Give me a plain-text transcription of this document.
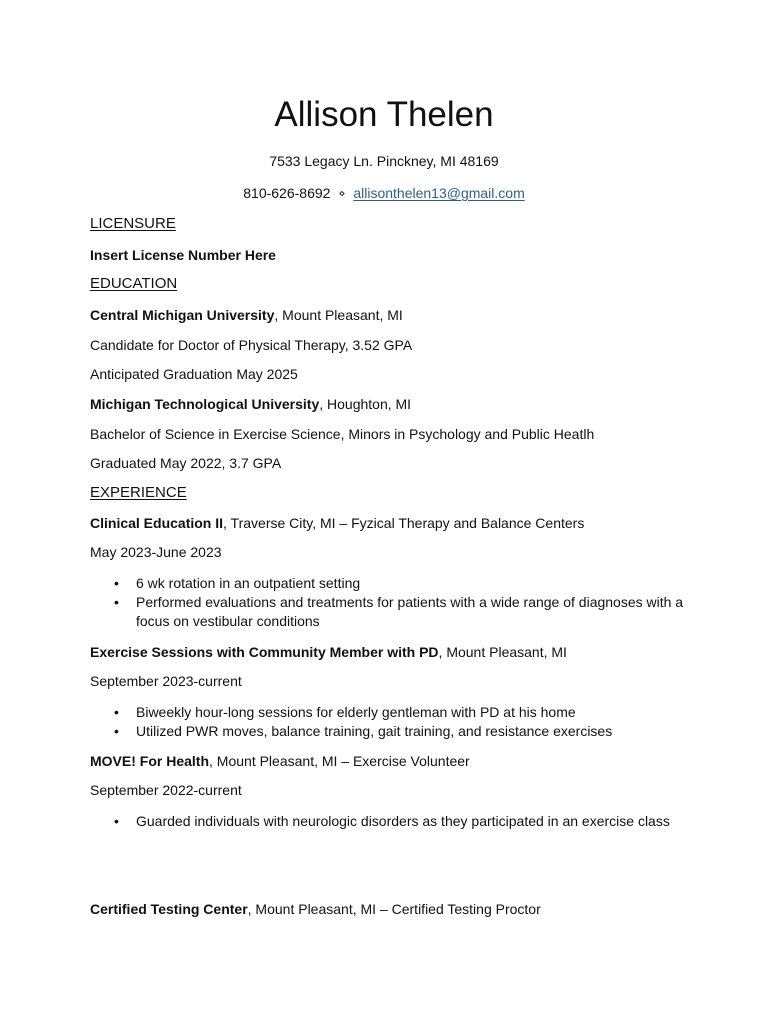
Allison Thelen
7533 Legacy Ln. Pinckney, MI 48169
810-626-8692 ⋄ allisonthelen13@gmail.com
LICENSURE
Insert License Number Here
EDUCATION
Central Michigan University, Mount Pleasant, MI
Candidate for Doctor of Physical Therapy, 3.52 GPA
Anticipated Graduation May 2025
Michigan Technological University, Houghton, MI
Bachelor of Science in Exercise Science, Minors in Psychology and Public Heatlh
Graduated May 2022, 3.7 GPA
EXPERIENCE
Clinical Education II, Traverse City, MI – Fyzical Therapy and Balance Centers
May 2023-June 2023
• 6 wk rotation in an outpatient setting
• Performed evaluations and treatments for patients with a wide range of diagnoses with a focus on vestibular conditions
Exercise Sessions with Community Member with PD, Mount Pleasant, MI
September 2023-current
• Biweekly hour-long sessions for elderly gentleman with PD at his home
• Utilized PWR moves, balance training, gait training, and resistance exercises
MOVE! For Health, Mount Pleasant, MI – Exercise Volunteer
September 2022-current
• Guarded individuals with neurologic disorders as they participated in an exercise class
Certified Testing Center, Mount Pleasant, MI – Certified Testing Proctor
